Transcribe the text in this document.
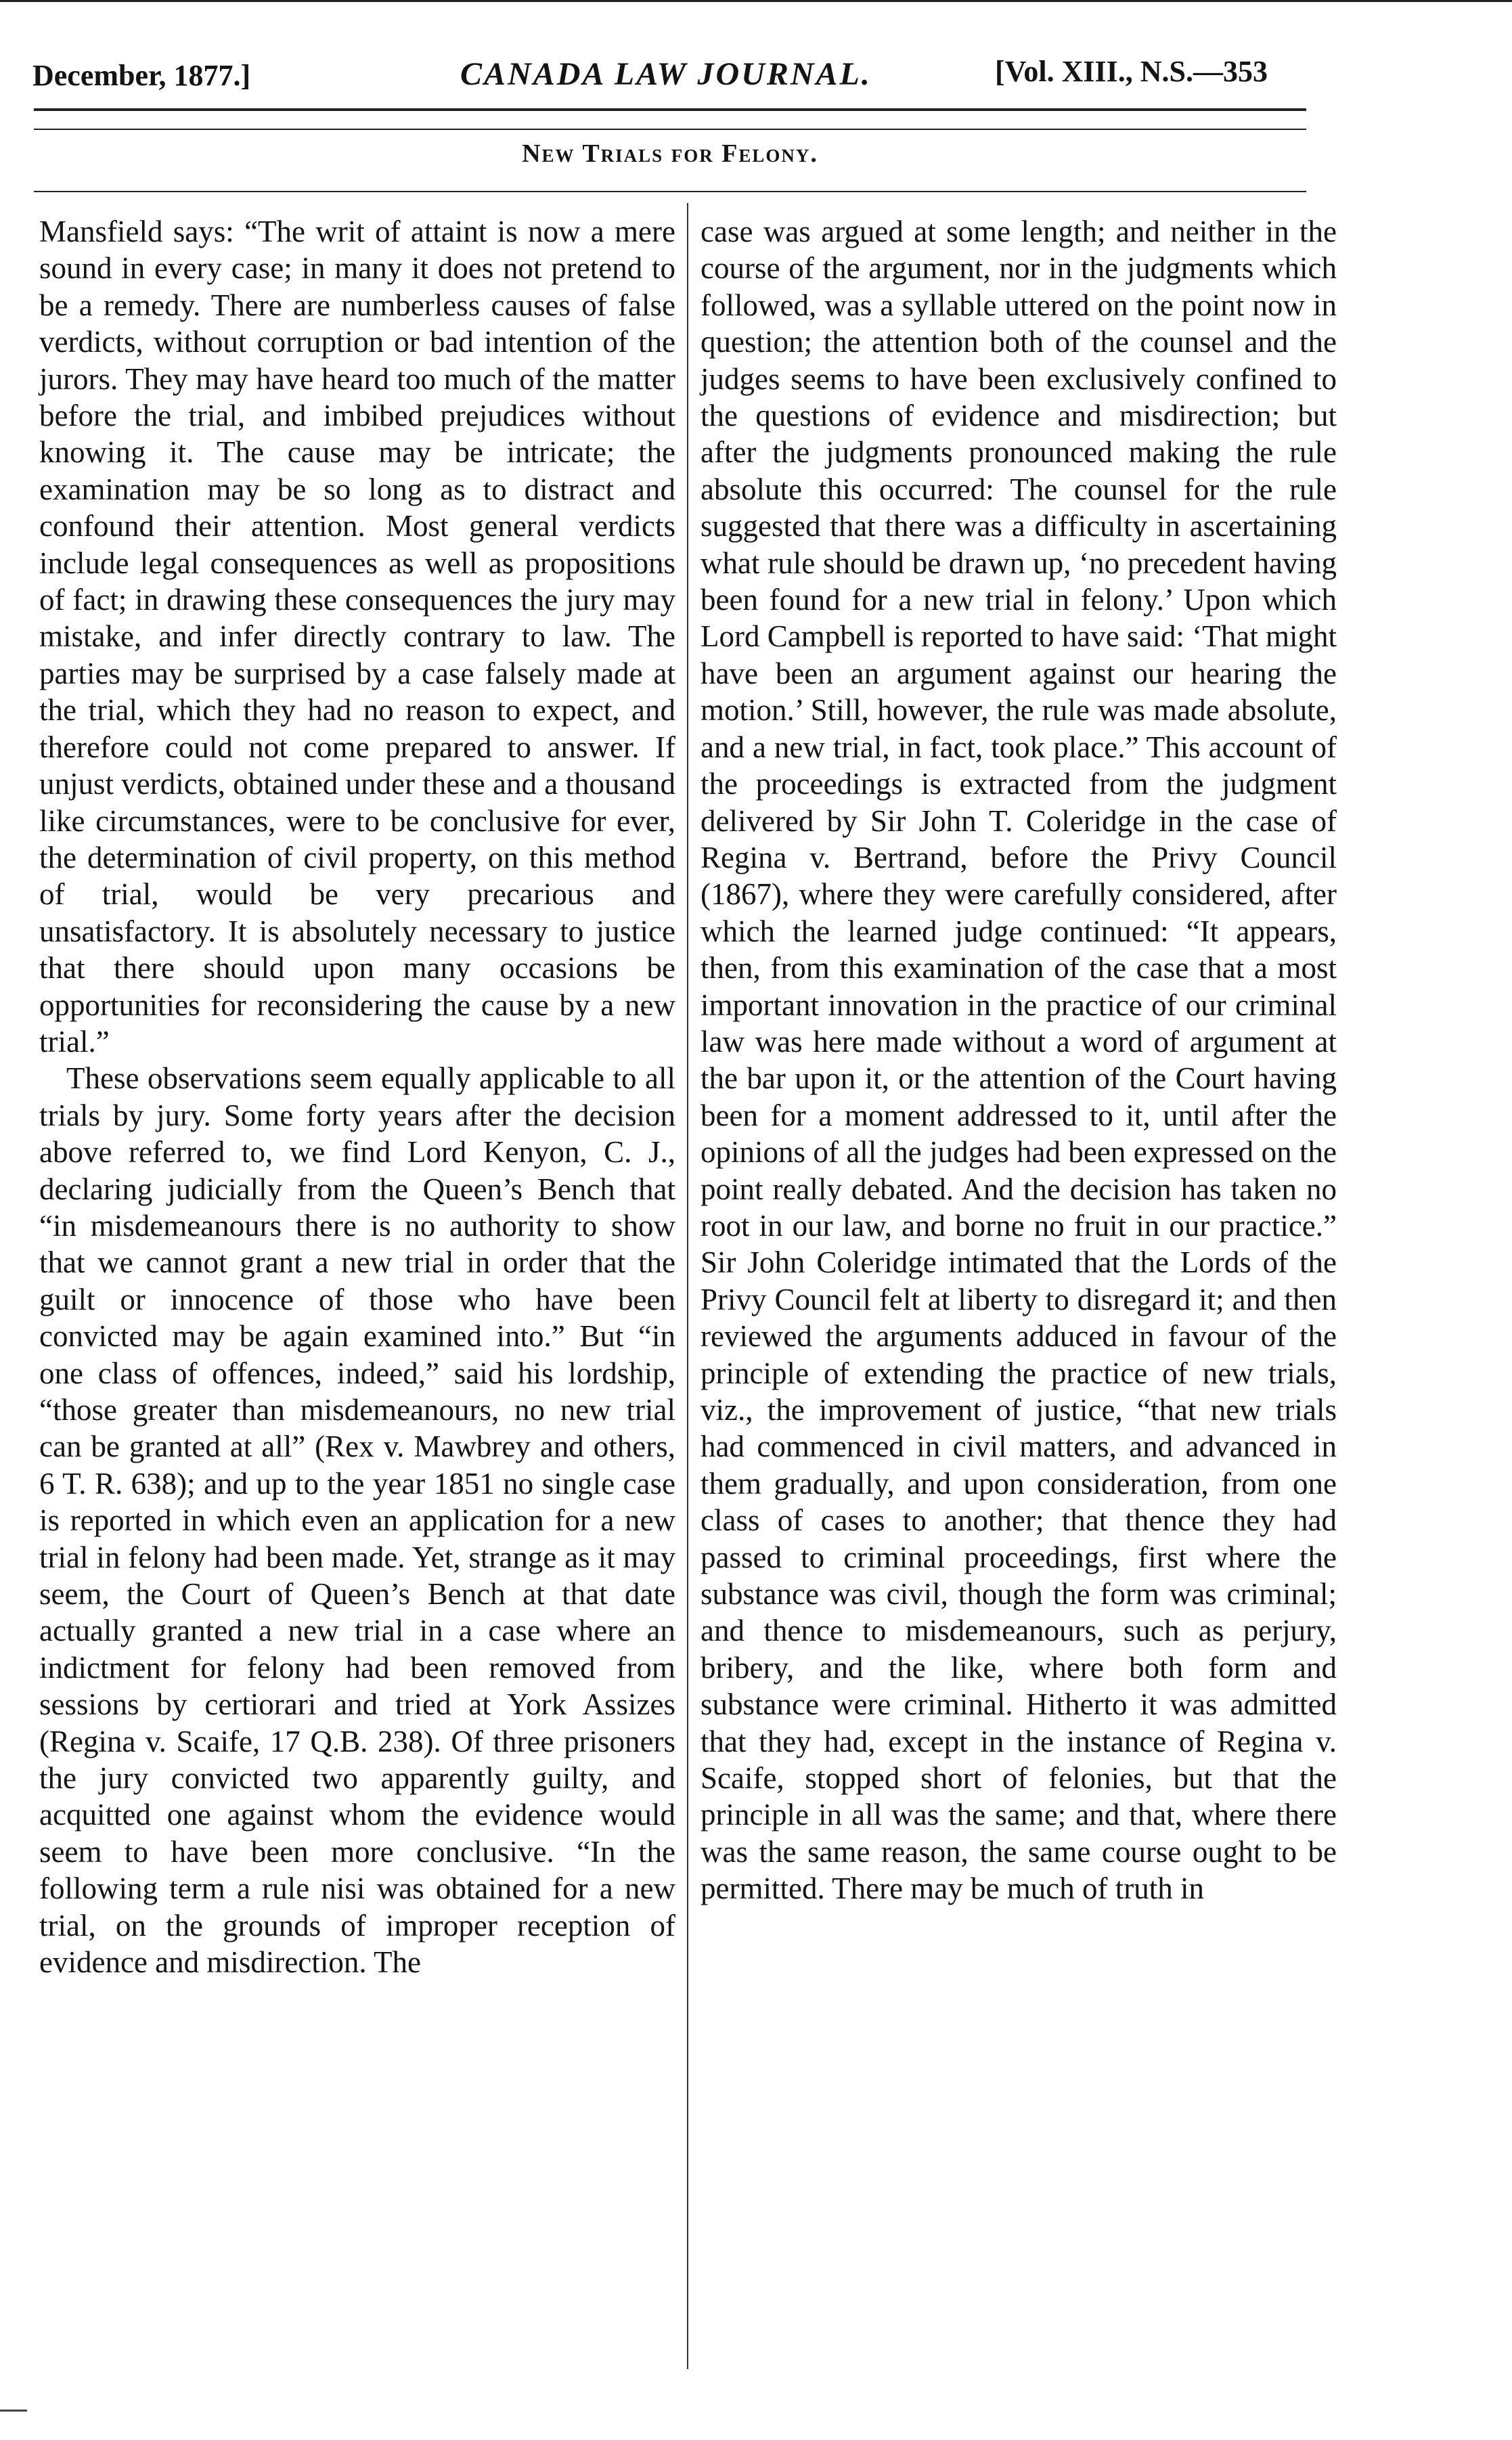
December, 1877.]	CANADA LAW JOURNAL.	[Vol. XIII., N.S.—353
New Trials for Felony.

Mansfield says: “The writ of attaint is now a mere sound in every case; in many it does not pretend to be a remedy. There are numberless causes of false verdicts, without corruption or bad intention of the jurors. They may have heard too much of the matter before the trial, and imbibed prejudices without knowing it. The cause may be intricate; the examination may be so long as to distract and confound their attention. Most general verdicts include legal consequences as well as propositions of fact; in drawing these consequences the jury may mistake, and infer directly contrary to law. The parties may be surprised by a case falsely made at the trial, which they had no reason to expect, and therefore could not come prepared to answer. If unjust verdicts, obtained under these and a thousand like circumstances, were to be conclusive for ever, the determination of civil property, on this method of trial, would be very precarious and unsatisfactory. It is absolutely necessary to justice that there should upon many occasions be opportunities for reconsidering the cause by a new trial.”

These observations seem equally applicable to all trials by jury. Some forty years after the decision above referred to, we find Lord Kenyon, C. J., declaring judicially from the Queen’s Bench that “in misdemeanours there is no authority to show that we cannot grant a new trial in order that the guilt or innocence of those who have been convicted may be again examined into.” But “in one class of offences, indeed,” said his lordship, “those greater than misdemeanours, no new trial can be granted at all” (Rex v. Mawbrey and others, 6 T. R. 638); and up to the year 1851 no single case is reported in which even an application for a new trial in felony had been made. Yet, strange as it may seem, the Court of Queen’s Bench at that date actually granted a new trial in a case where an indictment for felony had been removed from sessions by certiorari and tried at York Assizes (Regina v. Scaife, 17 Q.B. 238). Of three prisoners the jury convicted two apparently guilty, and acquitted one against whom the evidence would seem to have been more conclusive. “In the following term a rule nisi was obtained for a new trial, on the grounds of improper reception of evidence and misdirection. The

case was argued at some length; and neither in the course of the argument, nor in the judgments which followed, was a syllable uttered on the point now in question; the attention both of the counsel and the judges seems to have been exclusively confined to the questions of evidence and misdirection; but after the judgments pronounced making the rule absolute this occurred: The counsel for the rule suggested that there was a difficulty in ascertaining what rule should be drawn up, ‘no precedent having been found for a new trial in felony.’ Upon which Lord Campbell is reported to have said: ‘That might have been an argument against our hearing the motion.’ Still, however, the rule was made absolute, and a new trial, in fact, took place.” This account of the proceedings is extracted from the judgment delivered by Sir John T. Coleridge in the case of Regina v. Bertrand, before the Privy Council (1867), where they were carefully considered, after which the learned judge continued: “It appears, then, from this examination of the case that a most important innovation in the practice of our criminal law was here made without a word of argument at the bar upon it, or the attention of the Court having been for a moment addressed to it, until after the opinions of all the judges had been expressed on the point really debated. And the decision has taken no root in our law, and borne no fruit in our practice.” Sir John Coleridge intimated that the Lords of the Privy Council felt at liberty to disregard it; and then reviewed the arguments adduced in favour of the principle of extending the practice of new trials, viz., the improvement of justice, “that new trials had commenced in civil matters, and advanced in them gradually, and upon consideration, from one class of cases to another; that thence they had passed to criminal proceedings, first where the substance was civil, though the form was criminal; and thence to misdemeanours, such as perjury, bribery, and the like, where both form and substance were criminal. Hitherto it was admitted that they had, except in the instance of Regina v. Scaife, stopped short of felonies, but that the principle in all was the same; and that, where there was the same reason, the same course ought to be permitted. There may be much of truth in
